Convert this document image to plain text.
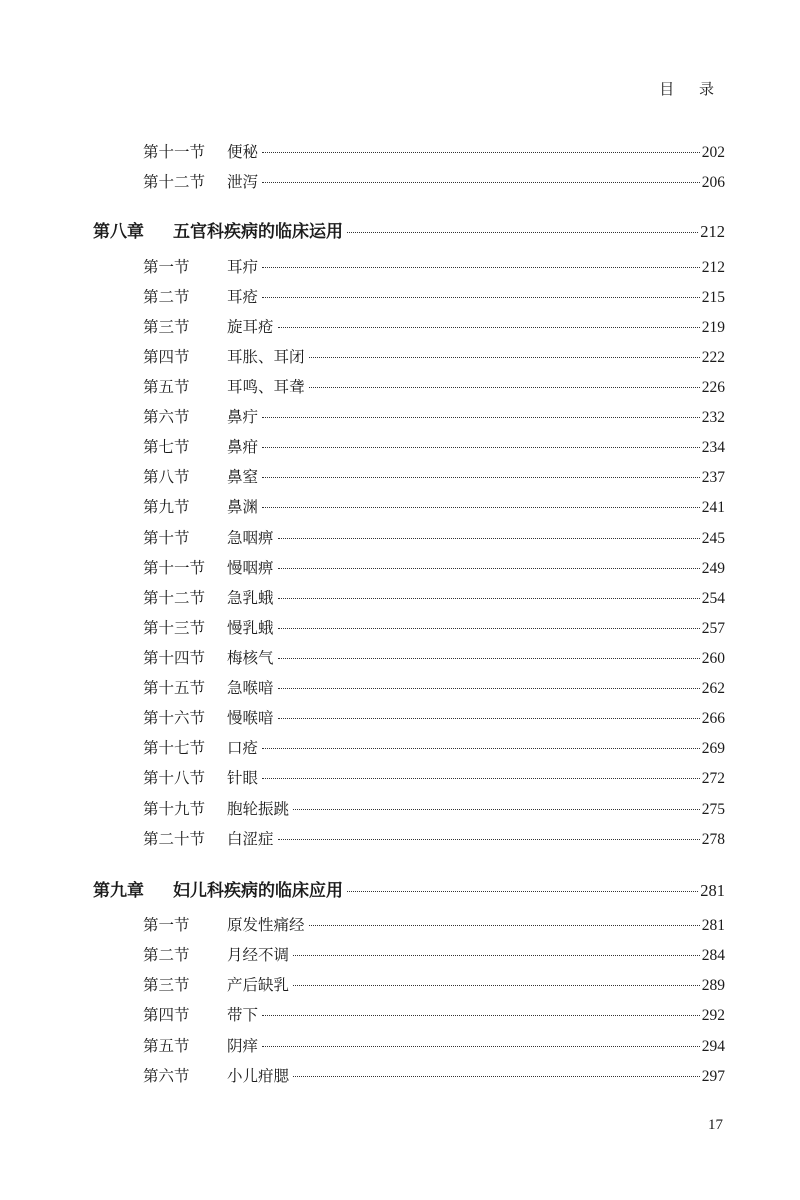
目 录
第十一节	便秘	202
第十二节	泄泻	206
第八章	五官科疾病的临床运用	212
第一节	耳疖	212
第二节	耳疮	215
第三节	旋耳疮	219
第四节	耳胀、耳闭	222
第五节	耳鸣、耳聋	226
第六节	鼻疔	232
第七节	鼻疳	234
第八节	鼻窒	237
第九节	鼻渊	241
第十节	急咽痹	245
第十一节	慢咽痹	249
第十二节	急乳蛾	254
第十三节	慢乳蛾	257
第十四节	梅核气	260
第十五节	急喉喑	262
第十六节	慢喉喑	266
第十七节	口疮	269
第十八节	针眼	272
第十九节	胞轮振跳	275
第二十节	白涩症	278
第九章	妇儿科疾病的临床应用	281
第一节	原发性痛经	281
第二节	月经不调	284
第三节	产后缺乳	289
第四节	带下	292
第五节	阴痒	294
第六节	小儿疳腮	297
17
